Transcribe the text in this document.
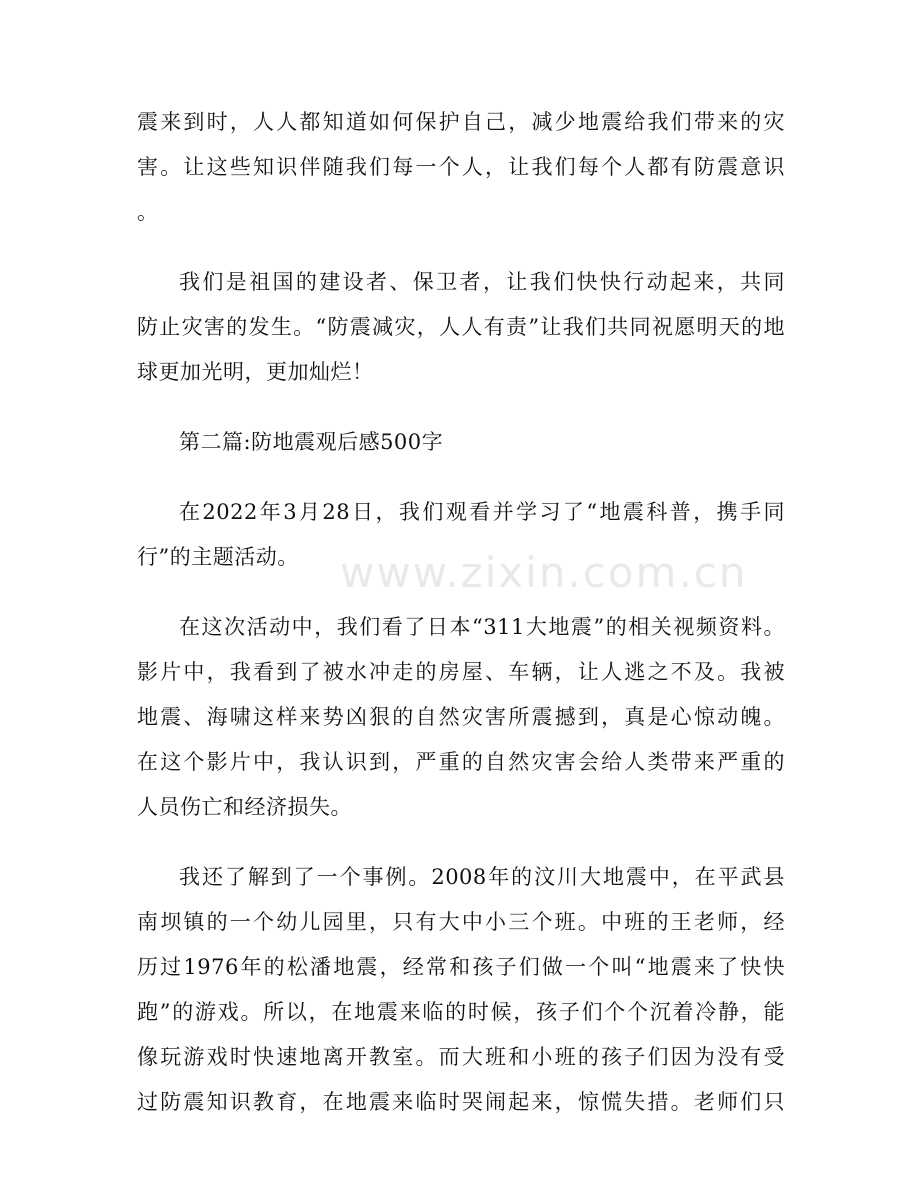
www.zixin.com.cn
震来到时，人人都知道如何保护自己，减少地震给我们带来的灾
害。让这些知识伴随我们每一个人，让我们每个人都有防震意识
。
我们是祖国的建设者、保卫者，让我们快快行动起来，共同
防止灾害的发生。“防震减灾，人人有责”让我们共同祝愿明天的地
球更加光明，更加灿烂！
第二篇:防地震观后感500字
在2022年3月28日，我们观看并学习了“地震科普，携手同
行”的主题活动。
在这次活动中，我们看了日本“311大地震”的相关视频资料。
影片中，我看到了被水冲走的房屋、车辆，让人逃之不及。我被
地震、海啸这样来势凶狠的自然灾害所震撼到，真是心惊动魄。
在这个影片中，我认识到，严重的自然灾害会给人类带来严重的
人员伤亡和经济损失。
我还了解到了一个事例。2008年的汶川大地震中，在平武县
南坝镇的一个幼儿园里，只有大中小三个班。中班的王老师，经
历过1976年的松潘地震，经常和孩子们做一个叫“地震来了快快
跑”的游戏。所以，在地震来临的时候，孩子们个个沉着冷静，能
像玩游戏时快速地离开教室。而大班和小班的孩子们因为没有受
过防震知识教育，在地震来临时哭闹起来，惊慌失措。老师们只
